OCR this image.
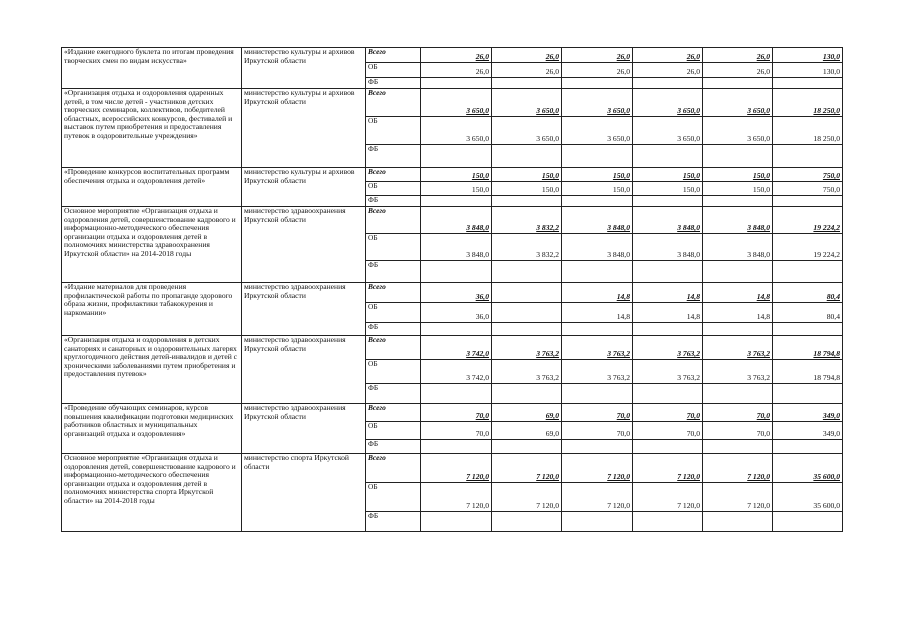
«Издание ежегодного буклета по итогам проведения творческих смен по видам искусства»	министерство культуры и архивов Иркутской области	Всего	26,0	26,0	26,0	26,0	26,0	130,0
		ОБ	26,0	26,0	26,0	26,0	26,0	130,0
		ФБ						
«Организация отдыха и оздоровления одаренных детей, в том числе детей - участников детских творческих семинаров, коллективов, победителей областных, всероссийских конкурсов, фестивалей и выставок путем приобретения и предоставления путевок в оздоровительные учреждения»	министерство культуры и архивов Иркутской области	Всего	3 650,0	3 650,0	3 650,0	3 650,0	3 650,0	18 250,0
		ОБ	3 650,0	3 650,0	3 650,0	3 650,0	3 650,0	18 250,0
		ФБ						
«Проведение конкурсов воспитательных программ обеспечения отдыха и оздоровления детей»	министерство культуры и архивов Иркутской области	Всего	150,0	150,0	150,0	150,0	150,0	750,0
		ОБ	150,0	150,0	150,0	150,0	150,0	750,0
		ФБ						
Основное мероприятие «Организация отдыха и оздоровления детей, совершенствование кадрового и информационно-методического обеспечения организации отдыха и оздоровления детей в полномочиях министерства здравоохранения Иркутской области» на 2014-2018 годы	министерство здравоохранения Иркутской области	Всего	3 848,0	3 832,2	3 848,0	3 848,0	3 848,0	19 224,2
		ОБ	3 848,0	3 832,2	3 848,0	3 848,0	3 848,0	19 224,2
		ФБ						
«Издание материалов для проведения профилактической работы по пропаганде здорового образа жизни, профилактики табакокурения и наркомании»	министерство здравоохранения Иркутской области	Всего	36,0		14,8	14,8	14,8	80,4
		ОБ	36,0		14,8	14,8	14,8	80,4
		ФБ						
«Организация отдыха и оздоровления в детских санаториях и санаторных и оздоровительных лагерях круглогодичного действия детей-инвалидов и детей с хроническими заболеваниями путем приобретения и предоставления путевок»	министерство здравоохранения Иркутской области	Всего	3 742,0	3 763,2	3 763,2	3 763,2	3 763,2	18 794,8
		ОБ	3 742,0	3 763,2	3 763,2	3 763,2	3 763,2	18 794,8
		ФБ						
«Проведение обучающих семинаров, курсов повышения квалификации подготовки медицинских работников областных и муниципальных организаций отдыха и оздоровления»	министерство здравоохранения Иркутской области	Всего	70,0	69,0	70,0	70,0	70,0	349,0
		ОБ	70,0	69,0	70,0	70,0	70,0	349,0
		ФБ						
Основное мероприятие «Организация отдыха и оздоровления детей, совершенствование кадрового и информационно-методического обеспечения организации отдыха и оздоровления детей в полномочиях министерства спорта Иркутской области» на 2014-2018 годы	министерство спорта Иркутской области	Всего	7 120,0	7 120,0	7 120,0	7 120,0	7 120,0	35 600,0
		ОБ	7 120,0	7 120,0	7 120,0	7 120,0	7 120,0	35 600,0
		ФБ						
